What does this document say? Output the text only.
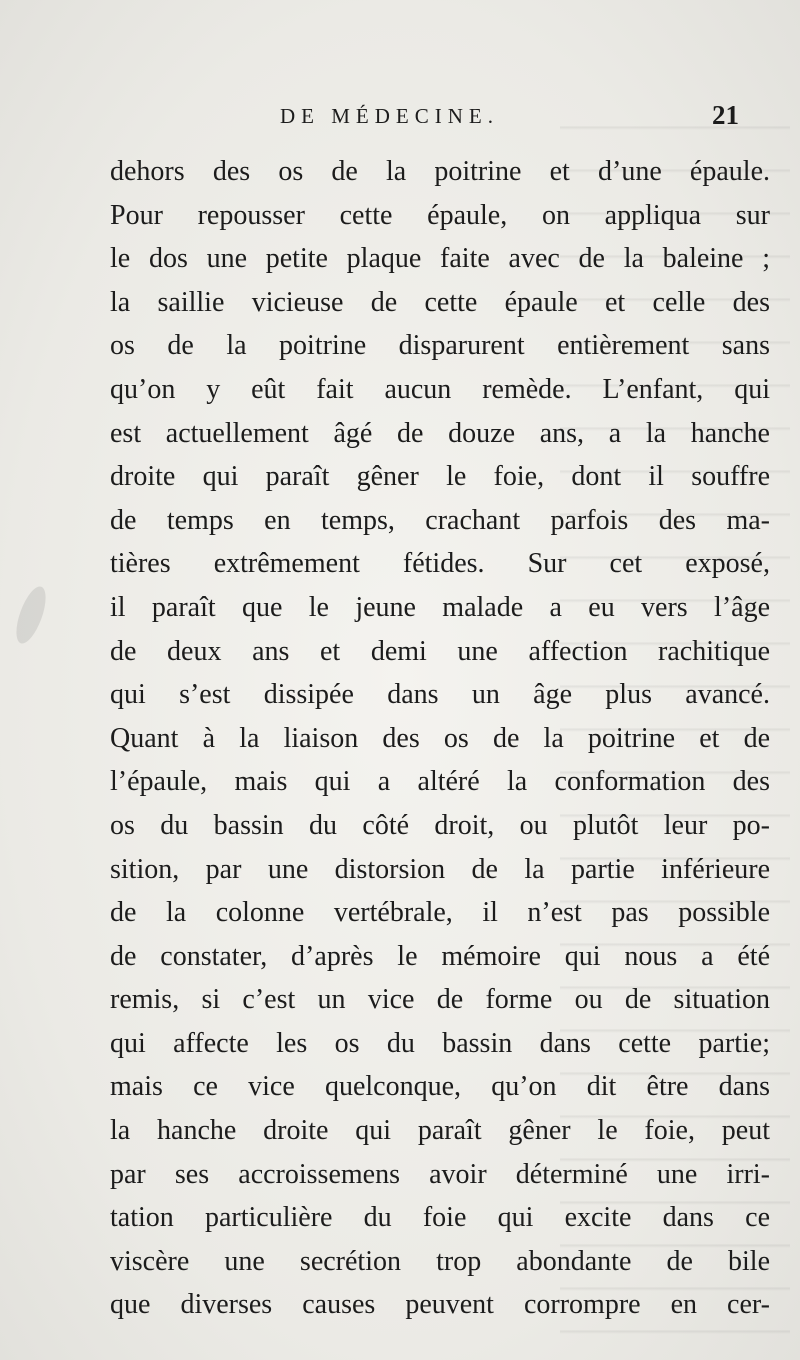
DE MÉDECINE.	21
dehors des os de la poitrine et d’une épaule.
Pour repousser cette épaule, on appliqua sur
le dos une petite plaque faite avec de la baleine ;
la saillie vicieuse de cette épaule et celle des
os de la poitrine disparurent entièrement sans
qu’on y eût fait aucun remède. L’enfant, qui
est actuellement âgé de douze ans, a la hanche
droite qui paraît gêner le foie, dont il souffre
de temps en temps, crachant parfois des ma-
tières extrêmement fétides. Sur cet exposé,
il paraît que le jeune malade a eu vers l’âge
de deux ans et demi une affection rachitique
qui s’est dissipée dans un âge plus avancé.
Quant à la liaison des os de la poitrine et de
l’épaule, mais qui a altéré la conformation des
os du bassin du côté droit, ou plutôt leur po-
sition, par une distorsion de la partie inférieure
de la colonne vertébrale, il n’est pas possible
de constater, d’après le mémoire qui nous a été
remis, si c’est un vice de forme ou de situation
qui affecte les os du bassin dans cette partie;
mais ce vice quelconque, qu’on dit être dans
la hanche droite qui paraît gêner le foie, peut
par ses accroissemens avoir déterminé une irri-
tation particulière du foie qui excite dans ce
viscère une secrétion trop abondante de bile
que diverses causes peuvent corrompre en cer-
